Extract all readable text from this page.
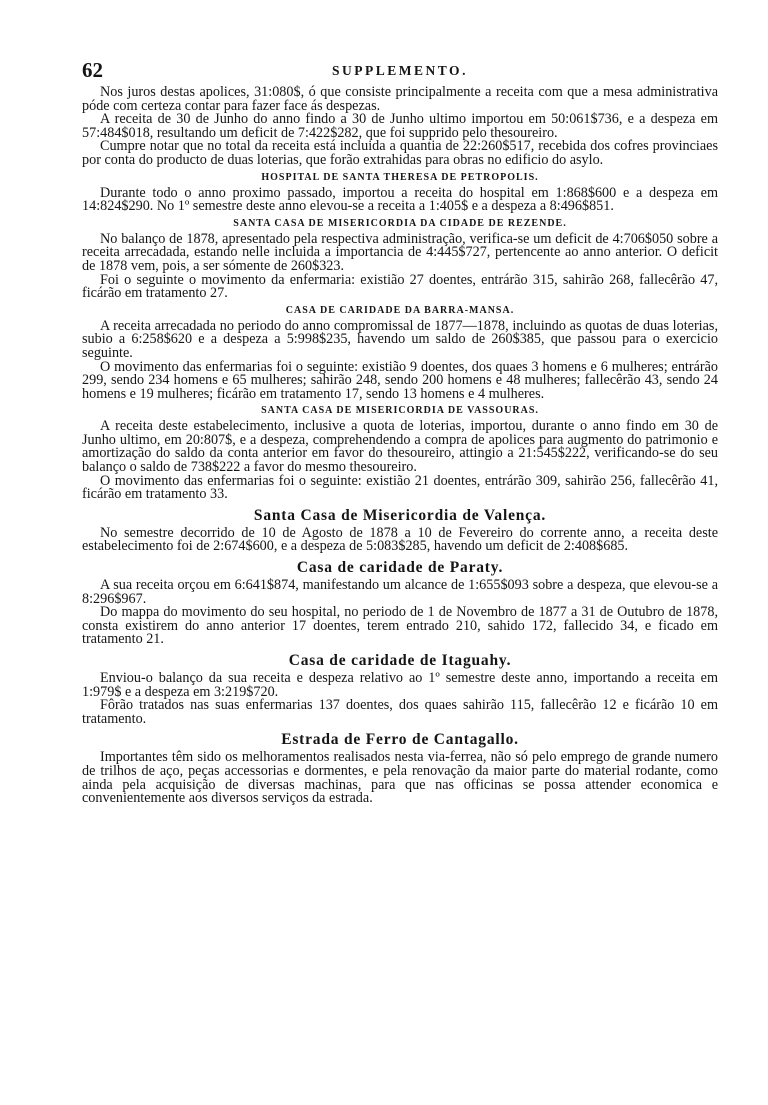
62	SUPPLEMENTO.

Nos juros destas apolices, 31:080$, ó que consiste principalmente a receita com que a mesa administrativa póde com certeza contar para fazer face ás despezas.

A receita de 30 de Junho do anno findo a 30 de Junho ultimo importou em 50:061$736, e a despeza em 57:484$018, resultando um deficit de 7:422$282, que foi supprido pelo thesoureiro.

Cumpre notar que no total da receita está incluida a quantia de 22:260$517, recebida dos cofres provinciaes por conta do producto de duas loterias, que forão extrahidas para obras no edificio do asylo.

HOSPITAL DE SANTA THERESA DE PETROPOLIS.

Durante todo o anno proximo passado, importou a receita do hospital em 1:868$600 e a despeza em 14:824$290. No 1º semestre deste anno elevou-se a receita a 1:405$ e a despeza a 8:496$851.

SANTA CASA DE MISERICORDIA DA CIDADE DE REZENDE.

No balanço de 1878, apresentado pela respectiva administração, verifica-se um deficit de 4:706$050 sobre a receita arrecadada, estando nelle incluida a importancia de 4:445$727, pertencente ao anno anterior. O deficit de 1878 vem, pois, a ser sómente de 260$323.

Foi o seguinte o movimento da enfermaria: existião 27 doentes, entrárão 315, sahirão 268, fallecêrão 47, ficárão em tratamento 27.

CASA DE CARIDADE DA BARRA-MANSA.

A receita arrecadada no periodo do anno compromissal de 1877—1878, incluindo as quotas de duas loterias, subio a 6:258$620 e a despeza a 5:998$235, havendo um saldo de 260$385, que passou para o exercicio seguinte.

O movimento das enfermarias foi o seguinte: existião 9 doentes, dos quaes 3 homens e 6 mulheres; entrárão 299, sendo 234 homens e 65 mulheres; sahirão 248, sendo 200 homens e 48 mulheres; fallecêrão 43, sendo 24 homens e 19 mulheres; ficárão em tratamento 17, sendo 13 homens e 4 mulheres.

SANTA CASA DE MISERICORDIA DE VASSOURAS.

A receita deste estabelecimento, inclusive a quota de loterias, importou, durante o anno findo em 30 de Junho ultimo, em 20:807$, e a despeza, comprehendendo a compra de apolices para augmento do patrimonio e amortização do saldo da conta anterior em favor do thesoureiro, attingio a 21:545$222, verificando-se do seu balanço o saldo de 738$222 a favor do mesmo thesoureiro.

O movimento das enfermarias foi o seguinte: existião 21 doentes, entrárão 309, sahirão 256, fallecêrão 41, ficárão em tratamento 33.

Santa Casa de Misericordia de Valença.

No semestre decorrido de 10 de Agosto de 1878 a 10 de Fevereiro do corrente anno, a receita deste estabelecimento foi de 2:674$600, e a despeza de 5:083$285, havendo um deficit de 2:408$685.

Casa de caridade de Paraty.

A sua receita orçou em 6:641$874, manifestando um alcance de 1:655$093 sobre a despeza, que elevou-se a 8:296$967.

Do mappa do movimento do seu hospital, no periodo de 1 de Novembro de 1877 a 31 de Outubro de 1878, consta existirem do anno anterior 17 doentes, terem entrado 210, sahido 172, fallecido 34, e ficado em tratamento 21.

Casa de caridade de Itaguahy.

Enviou-o balanço da sua receita e despeza relativo ao 1º semestre deste anno, importando a receita em 1:979$ e a despeza em 3:219$720.

Fôrão tratados nas suas enfermarias 137 doentes, dos quaes sahirão 115, fallecêrão 12 e ficárão 10 em tratamento.

Estrada de Ferro de Cantagallo.

Importantes têm sido os melhoramentos realisados nesta via-ferrea, não só pelo emprego de grande numero de trilhos de aço, peças accessorias e dormentes, e pela renovação da maior parte do material rodante, como ainda pela acquisição de diversas machinas, para que nas officinas se possa attender economica e convenientemente aos diversos serviços da estrada.
